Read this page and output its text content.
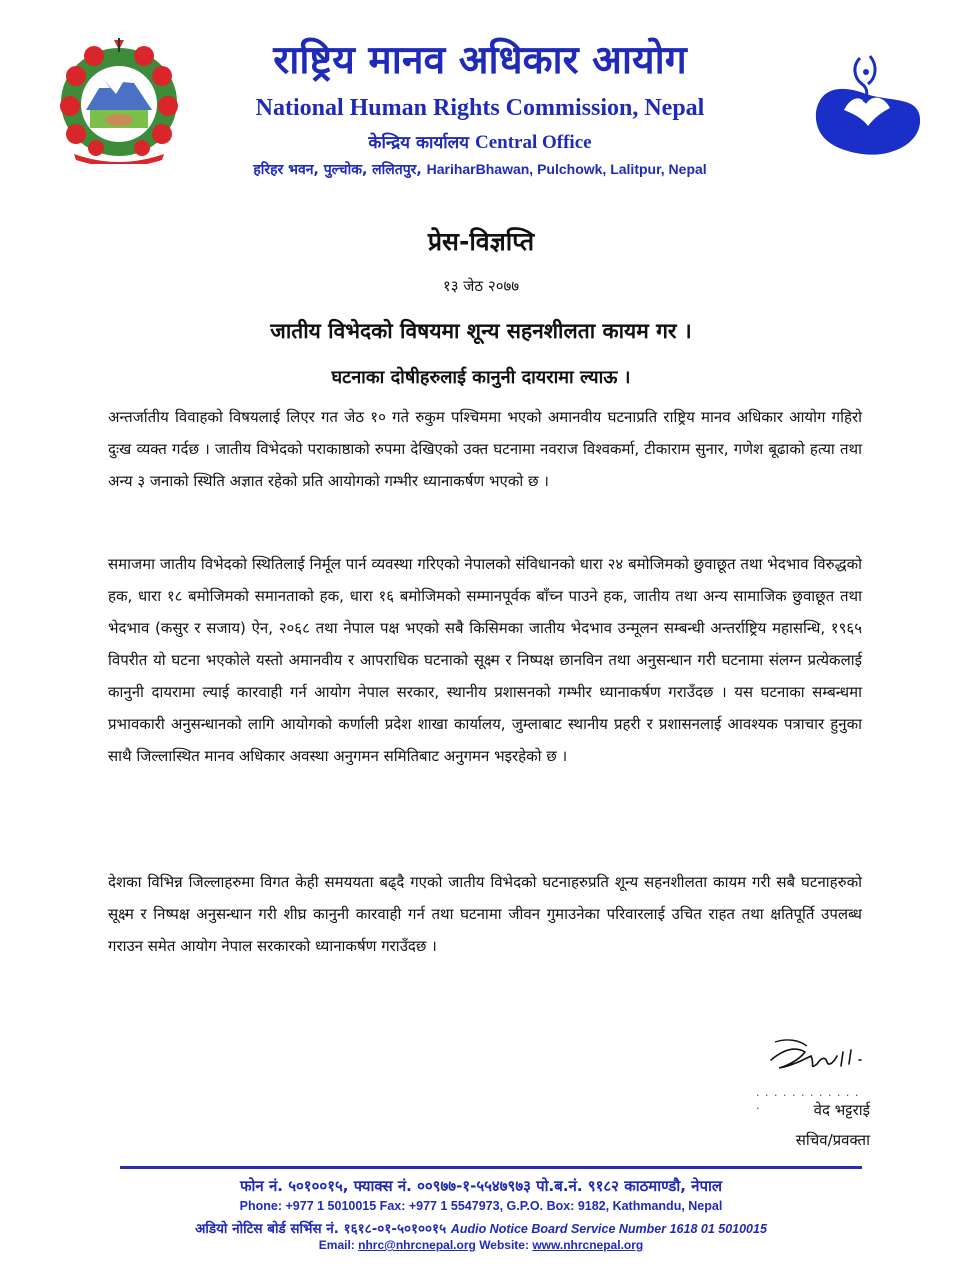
राष्ट्रिय मानव अधिकार आयोग
National Human Rights Commission, Nepal
केन्द्रिय कार्यालय Central Office
हरिहर भवन, पुल्चोक, ललितपुर, HariharBhawan, Pulchowk, Lalitpur, Nepal
प्रेस-विज्ञप्ति
१३ जेठ २०७७
जातीय विभेदको विषयमा शून्य सहनशीलता कायम गर ।
घटनाका दोषीहरुलाई कानुनी दायरामा ल्याऊ ।
अन्तर्जातीय विवाहको विषयलाई लिएर गत जेठ १० गते रुकुम पश्चिममा भएको अमानवीय घटनाप्रति राष्ट्रिय मानव अधिकार आयोग गहिरो दुःख व्यक्त गर्दछ । जातीय विभेदको पराकाष्ठाको रुपमा देखिएको उक्त घटनामा नवराज विश्वकर्मा, टीकाराम सुनार, गणेश बूढाको हत्या तथा अन्य ३ जनाको स्थिति अज्ञात रहेको प्रति आयोगको गम्भीर ध्यानाकर्षण भएको छ ।
समाजमा जातीय विभेदको स्थितिलाई निर्मूल पार्न व्यवस्था गरिएको नेपालको संविधानको धारा २४ बमोजिमको छुवाछूत तथा भेदभाव विरुद्धको हक, धारा १८ बमोजिमको समानताको हक, धारा १६ बमोजिमको सम्मानपूर्वक बाँच्न पाउने हक, जातीय तथा अन्य सामाजिक छुवाछूत तथा भेदभाव (कसुर र सजाय) ऐन, २०६८ तथा नेपाल पक्ष भएको सबै किसिमका जातीय भेदभाव उन्मूलन सम्बन्धी अन्तर्राष्ट्रिय महासन्धि, १९६५ विपरीत यो घटना भएकोले यस्तो अमानवीय र आपराधिक घटनाको सूक्ष्म र निष्पक्ष छानविन तथा अनुसन्धान गरी घटनामा संलग्न प्रत्येकलाई कानुनी दायरामा ल्याई कारवाही गर्न आयोग नेपाल सरकार, स्थानीय प्रशासनको गम्भीर ध्यानाकर्षण गराउँदछ । यस घटनाका सम्बन्धमा प्रभावकारी अनुसन्धानको लागि आयोगको कर्णाली प्रदेश शाखा कार्यालय, जुम्लाबाट स्थानीय प्रहरी र प्रशासनलाई आवश्यक पत्राचार हुनुका साथै जिल्लास्थित मानव अधिकार अवस्था अनुगमन समितिबाट अनुगमन भइरहेको छ ।
देशका विभिन्न जिल्लाहरुमा विगत केही समययता बढ्दै गएको जातीय विभेदको घटनाहरुप्रति शून्य सहनशीलता कायम गरी सबै घटनाहरुको सूक्ष्म र निष्पक्ष अनुसन्धान गरी शीघ्र कानुनी कारवाही गर्न तथा घटनामा जीवन गुमाउनेका परिवारलाई उचित राहत तथा क्षतिपूर्ति उपलब्ध गराउन समेत आयोग नेपाल सरकारको ध्यानाकर्षण गराउँदछ ।
. . . . . . . . . . . . .	वेद भट्टराई
सचिव/प्रवक्ता
फोन नं. ५०१००१५, फ्याक्स नं. ००९७७-१-५५४७९७३ पो.ब.नं. ९१८२ काठमाण्डौ, नेपाल
Phone: +977 1 5010015 Fax: +977 1 5547973, G.P.O. Box: 9182, Kathmandu, Nepal
अडियो नोटिस बोर्ड सर्भिस नं. १६१८-०१-५०१००१५ Audio Notice Board Service Number 1618 01 5010015
Email: nhrc@nhrcnepal.org Website: www.nhrcnepal.org
